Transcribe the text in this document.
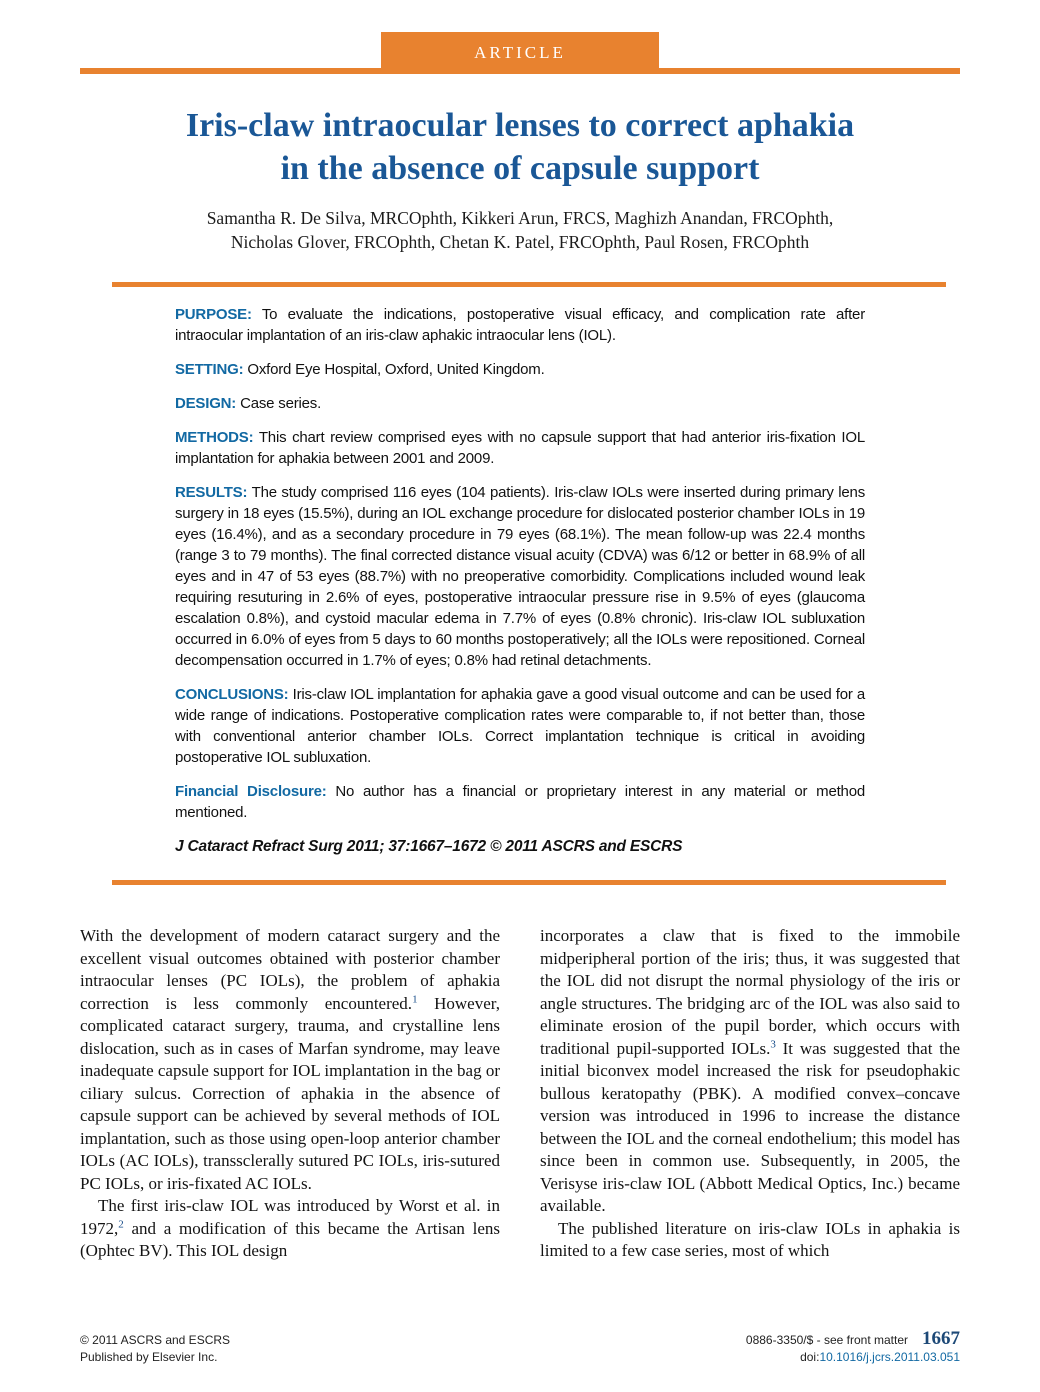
ARTICLE
Iris-claw intraocular lenses to correct aphakia
in the absence of capsule support
Samantha R. De Silva, MRCOphth, Kikkeri Arun, FRCS, Maghizh Anandan, FRCOphth,
Nicholas Glover, FRCOphth, Chetan K. Patel, FRCOphth, Paul Rosen, FRCOphth

PURPOSE: To evaluate the indications, postoperative visual efficacy, and complication rate after intraocular implantation of an iris-claw aphakic intraocular lens (IOL).

SETTING: Oxford Eye Hospital, Oxford, United Kingdom.

DESIGN: Case series.

METHODS: This chart review comprised eyes with no capsule support that had anterior iris-fixation IOL implantation for aphakia between 2001 and 2009.

RESULTS: The study comprised 116 eyes (104 patients). Iris-claw IOLs were inserted during primary lens surgery in 18 eyes (15.5%), during an IOL exchange procedure for dislocated posterior chamber IOLs in 19 eyes (16.4%), and as a secondary procedure in 79 eyes (68.1%). The mean follow-up was 22.4 months (range 3 to 79 months). The final corrected distance visual acuity (CDVA) was 6/12 or better in 68.9% of all eyes and in 47 of 53 eyes (88.7%) with no preoperative comorbidity. Complications included wound leak requiring resuturing in 2.6% of eyes, postoperative intraocular pressure rise in 9.5% of eyes (glaucoma escalation 0.8%), and cystoid macular edema in 7.7% of eyes (0.8% chronic). Iris-claw IOL subluxation occurred in 6.0% of eyes from 5 days to 60 months postoperatively; all the IOLs were repositioned. Corneal decompensation occurred in 1.7% of eyes; 0.8% had retinal detachments.

CONCLUSIONS: Iris-claw IOL implantation for aphakia gave a good visual outcome and can be used for a wide range of indications. Postoperative complication rates were comparable to, if not better than, those with conventional anterior chamber IOLs. Correct implantation technique is critical in avoiding postoperative IOL subluxation.

Financial Disclosure: No author has a financial or proprietary interest in any material or method mentioned.

J Cataract Refract Surg 2011; 37:1667–1672 © 2011 ASCRS and ESCRS

With the development of modern cataract surgery and the excellent visual outcomes obtained with posterior chamber intraocular lenses (PC IOLs), the problem of aphakia correction is less commonly encountered.$^1$ However, complicated cataract surgery, trauma, and crystalline lens dislocation, such as in cases of Marfan syndrome, may leave inadequate capsule support for IOL implantation in the bag or ciliary sulcus. Correction of aphakia in the absence of capsule support can be achieved by several methods of IOL implantation, such as those using open-loop anterior chamber IOLs (AC IOLs), transsclerally sutured PC IOLs, iris-sutured PC IOLs, or iris-fixated AC IOLs.

The first iris-claw IOL was introduced by Worst et al. in 1972,$^2$ and a modification of this became the Artisan lens (Ophtec BV). This IOL design

incorporates a claw that is fixed to the immobile midperipheral portion of the iris; thus, it was suggested that the IOL did not disrupt the normal physiology of the iris or angle structures. The bridging arc of the IOL was also said to eliminate erosion of the pupil border, which occurs with traditional pupil-supported IOLs.$^3$ It was suggested that the initial biconvex model increased the risk for pseudophakic bullous keratopathy (PBK). A modified convex–concave version was introduced in 1996 to increase the distance between the IOL and the corneal endothelium; this model has since been in common use. Subsequently, in 2005, the Verisyse iris-claw IOL (Abbott Medical Optics, Inc.) became available.

The published literature on iris-claw IOLs in aphakia is limited to a few case series, most of which

© 2011 ASCRS and ESCRS
Published by Elsevier Inc.
0886-3350/$ - see front matter 1667
doi:10.1016/j.jcrs.2011.03.051
